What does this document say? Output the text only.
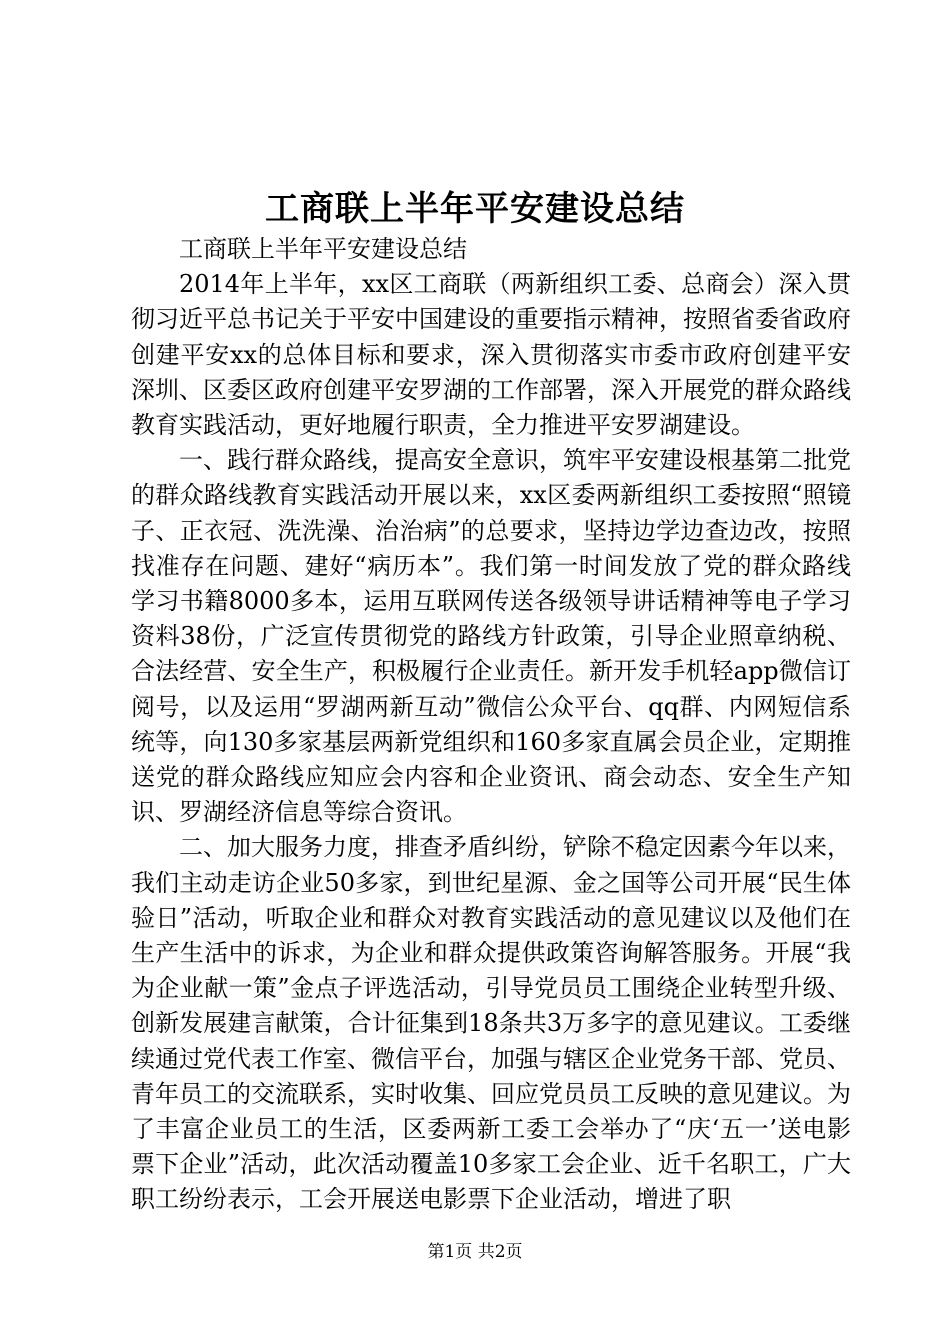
工商联上半年平安建设总结

工商联上半年平安建设总结

2014年上半年，xx区工商联（两新组织工委、总商会）深入贯彻习近平总书记关于平安中国建设的重要指示精神，按照省委省政府创建平安xx的总体目标和要求，深入贯彻落实市委市政府创建平安深圳、区委区政府创建平安罗湖的工作部署，深入开展党的群众路线教育实践活动，更好地履行职责，全力推进平安罗湖建设。

一、践行群众路线，提高安全意识，筑牢平安建设根基第二批党的群众路线教育实践活动开展以来，xx区委两新组织工委按照“照镜子、正衣冠、洗洗澡、治治病”的总要求，坚持边学边查边改，按照找准存在问题、建好“病历本”。我们第一时间发放了党的群众路线学习书籍8000多本，运用互联网传送各级领导讲话精神等电子学习资料38份，广泛宣传贯彻党的路线方针政策，引导企业照章纳税、合法经营、安全生产，积极履行企业责任。新开发手机轻app微信订阅号，以及运用“罗湖两新互动”微信公众平台、qq群、内网短信系统等，向130多家基层两新党组织和160多家直属会员企业，定期推送党的群众路线应知应会内容和企业资讯、商会动态、安全生产知识、罗湖经济信息等综合资讯。

二、加大服务力度，排查矛盾纠纷，铲除不稳定因素今年以来，我们主动走访企业50多家，到世纪星源、金之国等公司开展“民生体验日”活动，听取企业和群众对教育实践活动的意见建议以及他们在生产生活中的诉求，为企业和群众提供政策咨询解答服务。开展“我为企业献一策”金点子评选活动，引导党员员工围绕企业转型升级、创新发展建言献策，合计征集到18条共3万多字的意见建议。工委继续通过党代表工作室、微信平台，加强与辖区企业党务干部、党员、青年员工的交流联系，实时收集、回应党员员工反映的意见建议。为了丰富企业员工的生活，区委两新工委工会举办了“庆‘五一’送电影票下企业”活动，此次活动覆盖10多家工会企业、近千名职工，广大职工纷纷表示，工会开展送电影票下企业活动，增进了职

第1页 共2页
